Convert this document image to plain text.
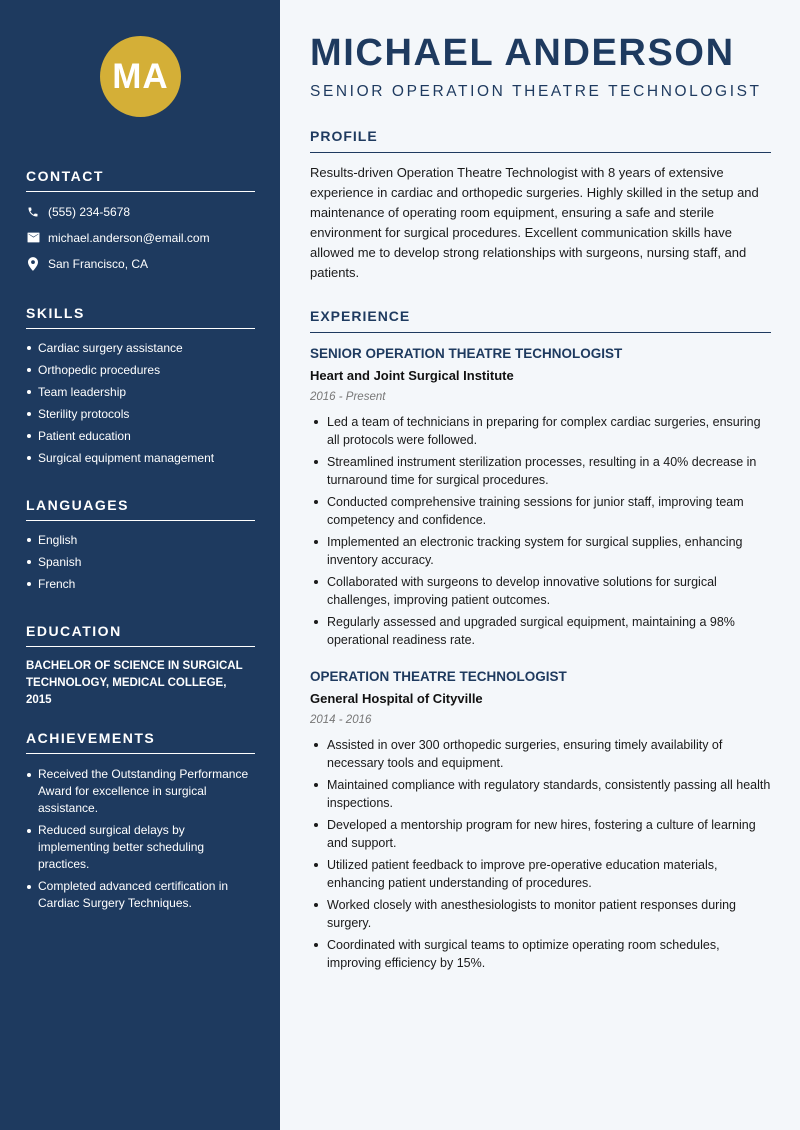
MA
CONTACT
(555) 234-5678
michael.anderson@email.com
San Francisco, CA
SKILLS
Cardiac surgery assistance
Orthopedic procedures
Team leadership
Sterility protocols
Patient education
Surgical equipment management
LANGUAGES
English
Spanish
French
EDUCATION

BACHELOR OF SCIENCE IN SURGICAL TECHNOLOGY, MEDICAL COLLEGE, 2015

ACHIEVEMENTS
Received the Outstanding Performance Award for excellence in surgical assistance.
Reduced surgical delays by implementing better scheduling practices.
Completed advanced certification in Cardiac Surgery Techniques.
MICHAEL ANDERSON
SENIOR OPERATION THEATRE TECHNOLOGIST
PROFILE

Results-driven Operation Theatre Technologist with 8 years of extensive experience in cardiac and orthopedic surgeries. Highly skilled in the setup and maintenance of operating room equipment, ensuring a safe and sterile environment for surgical procedures. Excellent communication skills have allowed me to develop strong relationships with surgeons, nursing staff, and patients.

EXPERIENCE
SENIOR OPERATION THEATRE TECHNOLOGIST
Heart and Joint Surgical Institute
2016 - Present
Led a team of technicians in preparing for complex cardiac surgeries, ensuring all protocols were followed.
Streamlined instrument sterilization processes, resulting in a 40% decrease in turnaround time for surgical procedures.
Conducted comprehensive training sessions for junior staff, improving team competency and confidence.
Implemented an electronic tracking system for surgical supplies, enhancing inventory accuracy.
Collaborated with surgeons to develop innovative solutions for surgical challenges, improving patient outcomes.
Regularly assessed and upgraded surgical equipment, maintaining a 98% operational readiness rate.
OPERATION THEATRE TECHNOLOGIST
General Hospital of Cityville
2014 - 2016
Assisted in over 300 orthopedic surgeries, ensuring timely availability of necessary tools and equipment.
Maintained compliance with regulatory standards, consistently passing all health inspections.
Developed a mentorship program for new hires, fostering a culture of learning and support.
Utilized patient feedback to improve pre-operative education materials, enhancing patient understanding of procedures.
Worked closely with anesthesiologists to monitor patient responses during surgery.
Coordinated with surgical teams to optimize operating room schedules, improving efficiency by 15%.
